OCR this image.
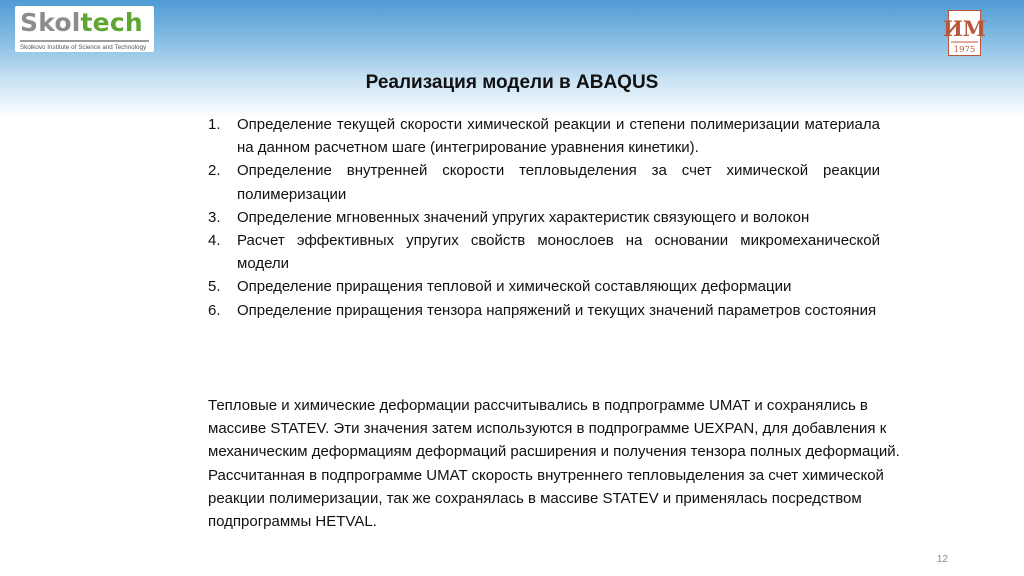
Skoltech
Skolkovo Institute of Science and Technology
ИМ
1975
Реализация модели в ABAQUS
1. Определение текущей скорости химической реакции и степени полимеризации материала на данном расчетном шаге (интегрирование уравнения кинетики).
2. Определение внутренней скорости тепловыделения за счет химической реакции полимеризации
3. Определение мгновенных значений упругих характеристик связующего и волокон
4. Расчет эффективных упругих свойств монослоев на основании микромеханической модели
5. Определение приращения тепловой и химической составляющих деформации
6. Определение приращения тензора напряжений и текущих значений параметров состояния

Тепловые и химические деформации рассчитывались в подпрограмме UMAT и сохранялись в массиве STATEV. Эти значения затем используются в подпрограмме UEXPAN, для добавления к механическим деформациям деформаций расширения и получения тензора полных деформаций. Рассчитанная в подпрограмме UMAT скорость внутреннего тепловыделения за счет химической реакции полимеризации, так же сохранялась в массиве STATEV и применялась посредством подпрограммы HETVAL.

12
